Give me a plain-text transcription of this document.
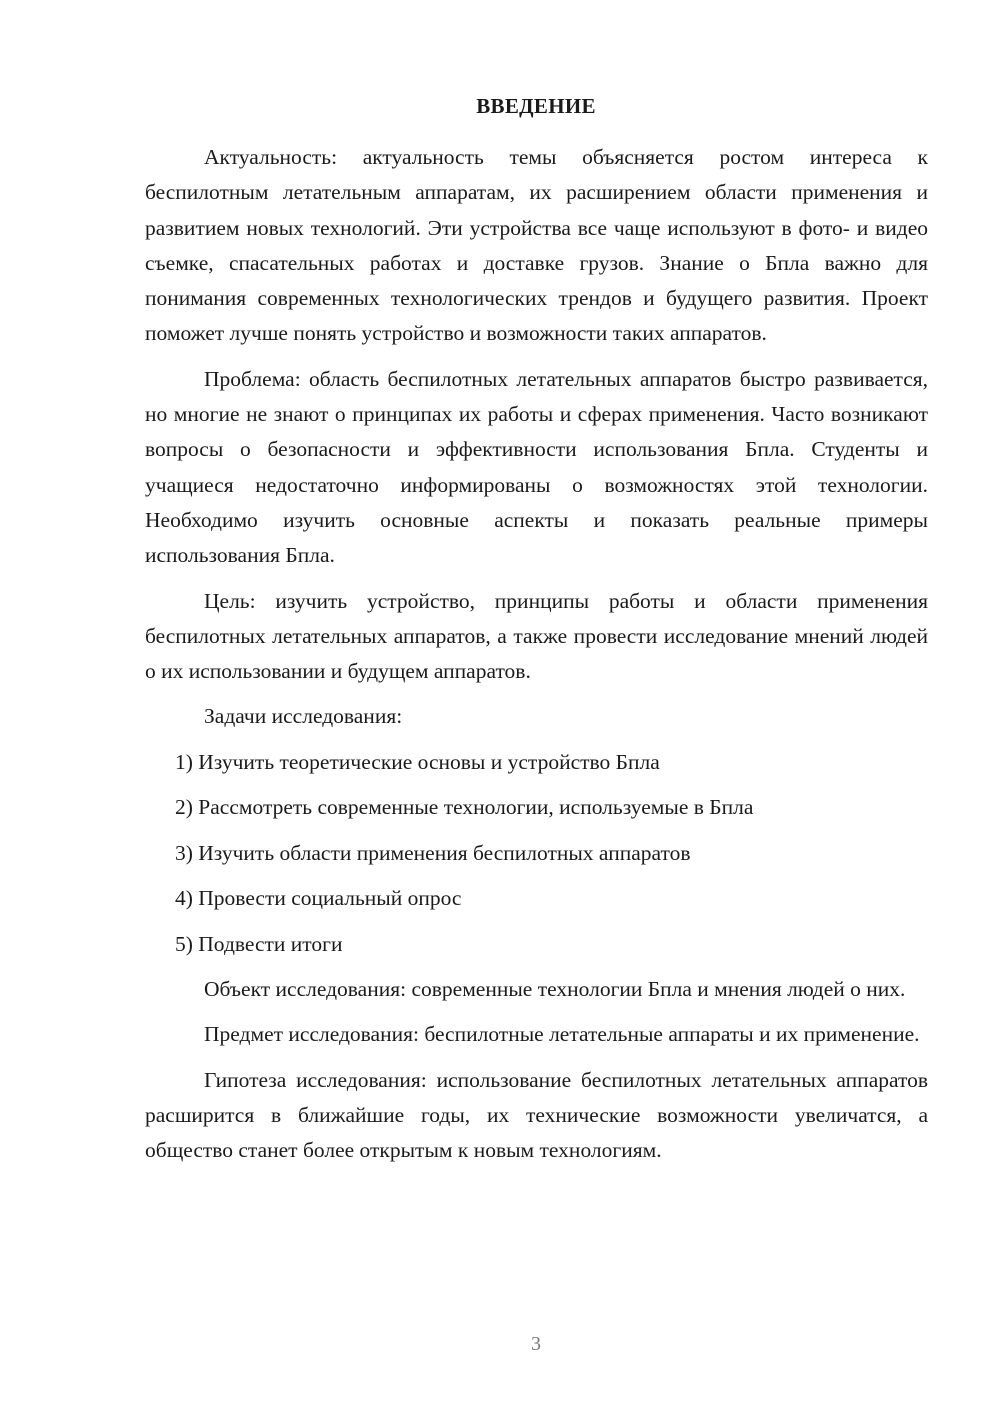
ВВЕДЕНИЕ

Актуальность: актуальность темы объясняется ростом интереса к беспилотным летательным аппаратам, их расширением области применения и развитием новых технологий. Эти устройства все чаще используют в фото- и видео съемке, спасательных работах и доставке грузов. Знание о Бпла важно для понимания современных технологических трендов и будущего развития. Проект поможет лучше понять устройство и возможности таких аппаратов.

Проблема: область беспилотных летательных аппаратов быстро развивается, но многие не знают о принципах их работы и сферах применения. Часто возникают вопросы о безопасности и эффективности использования Бпла. Студенты и учащиеся недостаточно информированы о возможностях этой технологии. Необходимо изучить основные аспекты и показать реальные примеры использования Бпла.

Цель: изучить устройство, принципы работы и области применения беспилотных летательных аппаратов, а также провести исследование мнений людей о их использовании и будущем аппаратов.

Задачи исследования:

1) Изучить теоретические основы и устройство Бпла
2) Рассмотреть современные технологии, используемые в Бпла
3) Изучить области применения беспилотных аппаратов
4) Провести социальный опрос
5) Подвести итоги

Объект исследования: современные технологии Бпла и мнения людей о них.

Предмет исследования: беспилотные летательные аппараты и их применение.

Гипотеза исследования: использование беспилотных летательных аппаратов расширится в ближайшие годы, их технические возможности увеличатся, а общество станет более открытым к новым технологиям.

3
